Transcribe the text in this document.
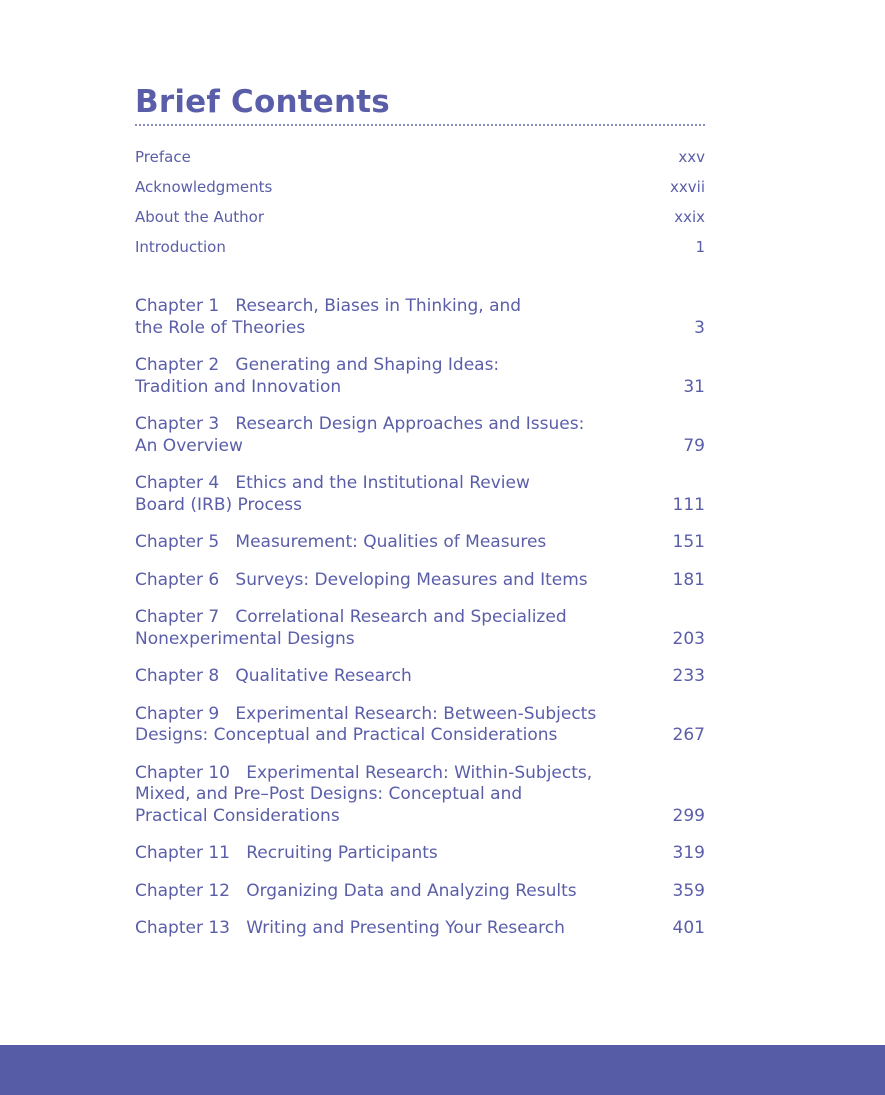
Brief Contents
Preface	xxv
Acknowledgments	xxvii
About the Author	xxix
Introduction	1
Chapter 1 Research, Biases in Thinking, and
the Role of Theories	3
Chapter 2 Generating and Shaping Ideas:
Tradition and Innovation	31
Chapter 3 Research Design Approaches and Issues:
An Overview	79
Chapter 4 Ethics and the Institutional Review
Board (IRB) Process	111
Chapter 5 Measurement: Qualities of Measures	151
Chapter 6 Surveys: Developing Measures and Items	181
Chapter 7 Correlational Research and Specialized
Nonexperimental Designs	203
Chapter 8 Qualitative Research	233
Chapter 9 Experimental Research: Between-Subjects
Designs: Conceptual and Practical Considerations	267
Chapter 10 Experimental Research: Within-Subjects,
Mixed, and Pre–Post Designs: Conceptual and
Practical Considerations	299
Chapter 11 Recruiting Participants	319
Chapter 12 Organizing Data and Analyzing Results	359
Chapter 13 Writing and Presenting Your Research	401
